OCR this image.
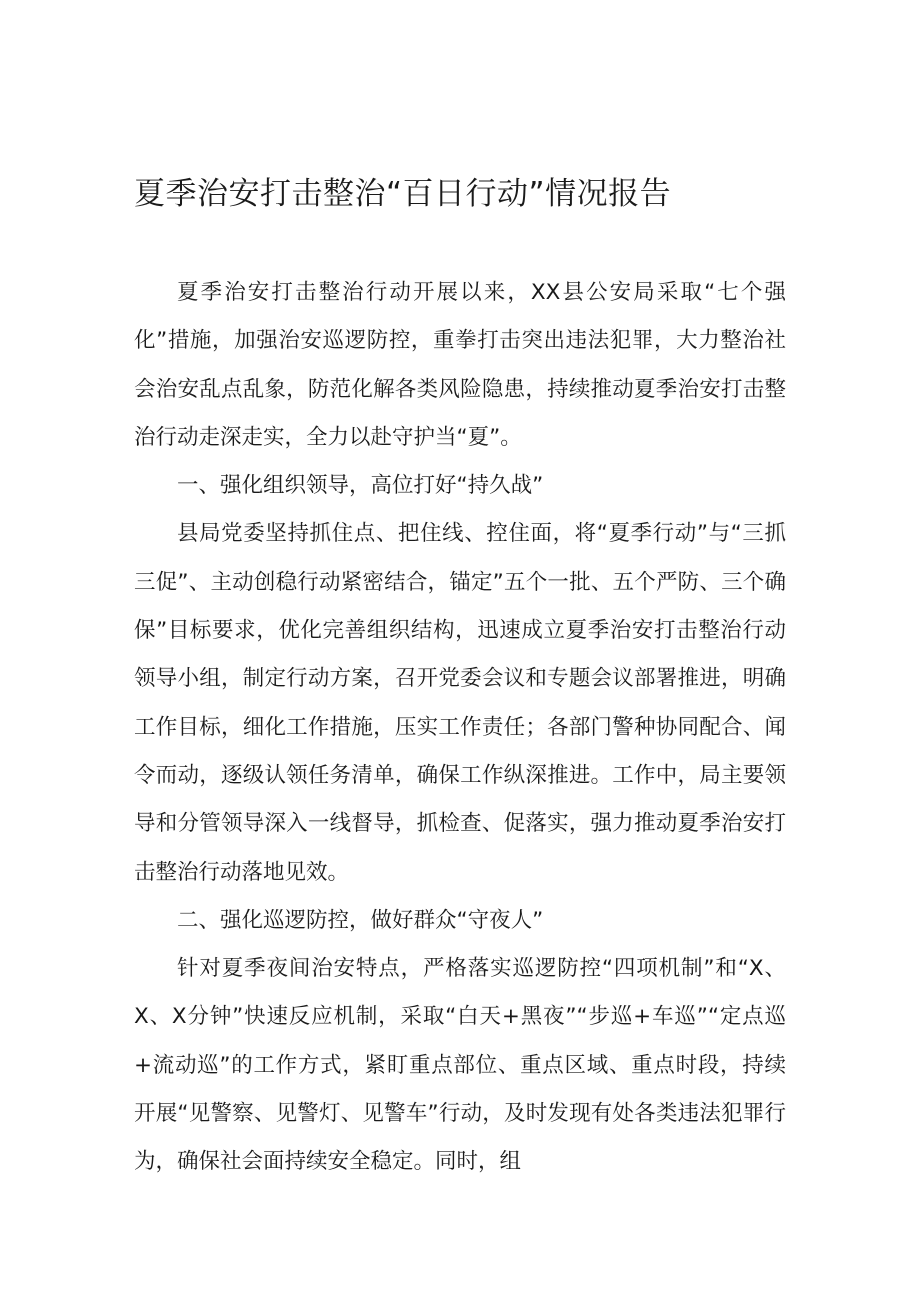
夏季治安打击整治“百日行动”情况报告

夏季治安打击整治行动开展以来，XX县公安局采取“七个强化”措施，加强治安巡逻防控，重拳打击突出违法犯罪，大力整治社会治安乱点乱象，防范化解各类风险隐患，持续推动夏季治安打击整治行动走深走实，全力以赴守护当“夏”。

一、强化组织领导，高位打好“持久战”

县局党委坚持抓住点、把住线、控住面，将“夏季行动”与“三抓三促”、主动创稳行动紧密结合，锚定”五个一批、五个严防、三个确保”目标要求，优化完善组织结构，迅速成立夏季治安打击整治行动领导小组，制定行动方案，召开党委会议和专题会议部署推进，明确工作目标，细化工作措施，压实工作责任；各部门警种协同配合、闻令而动，逐级认领任务清单，确保工作纵深推进。工作中，局主要领导和分管领导深入一线督导，抓检查、促落实，强力推动夏季治安打击整治行动落地见效。

二、强化巡逻防控，做好群众“守夜人”

针对夏季夜间治安特点，严格落实巡逻防控“四项机制”和“X、X、X分钟”快速反应机制，采取“白天+黑夜”“步巡+车巡”“定点巡+流动巡”的工作方式，紧盯重点部位、重点区域、重点时段，持续开展“见警察、见警灯、见警车”行动，及时发现有处各类违法犯罪行为，确保社会面持续安全稳定。同时，组
